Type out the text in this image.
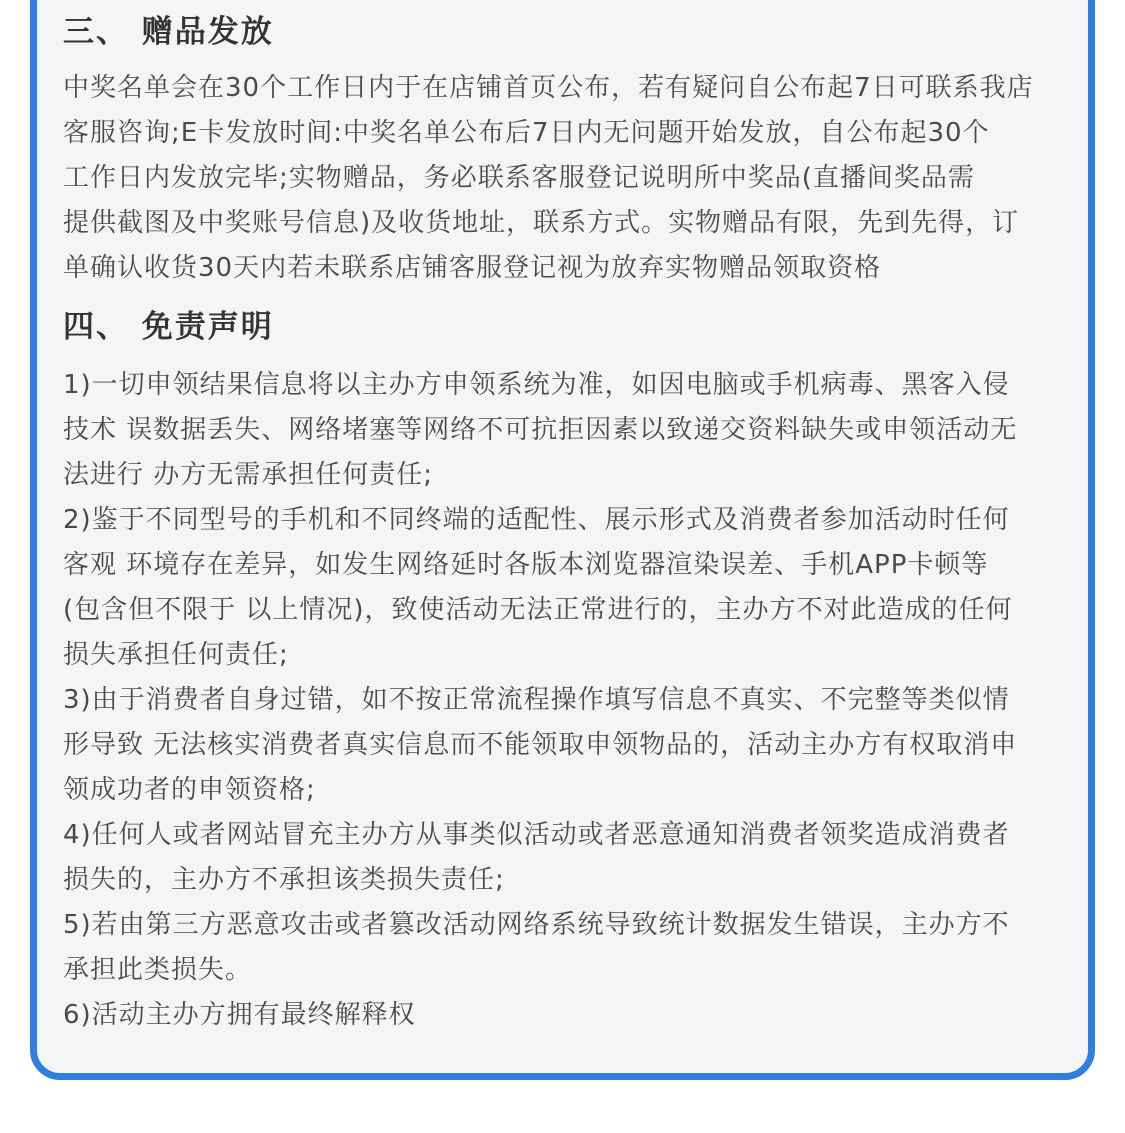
三、 赠品发放
中奖名单会在30个工作日内于在店铺首页公布，若有疑问自公布起7日可联系我店
客服咨询;E卡发放时间:中奖名单公布后7日内无问题开始发放，自公布起30个
工作日内发放完毕;实物赠品，务必联系客服登记说明所中奖品(直播间奖品需
提供截图及中奖账号信息)及收货地址，联系方式。实物赠品有限，先到先得，订
单确认收货30天内若未联系店铺客服登记视为放弃实物赠品领取资格
四、 免责声明
1)一切申领结果信息将以主办方申领系统为准，如因电脑或手机病毒、黑客入侵
技术 误数据丢失、网络堵塞等网络不可抗拒因素以致递交资料缺失或申领活动无
法进行 办方无需承担任何责任;
2)鉴于不同型号的手机和不同终端的适配性、展示形式及消费者参加活动时任何
客观 环境存在差异，如发生网络延时各版本浏览器渲染误差、手机APP卡顿等
(包含但不限于 以上情况)，致使活动无法正常进行的，主办方不对此造成的任何
损失承担任何责任;
3)由于消费者自身过错，如不按正常流程操作填写信息不真实、不完整等类似情
形导致 无法核实消费者真实信息而不能领取申领物品的，活动主办方有权取消申
领成功者的申领资格;
4)任何人或者网站冒充主办方从事类似活动或者恶意通知消费者领奖造成消费者
损失的，主办方不承担该类损失责任;
5)若由第三方恶意攻击或者篡改活动网络系统导致统计数据发生错误，主办方不
承担此类损失。
6)活动主办方拥有最终解释权
